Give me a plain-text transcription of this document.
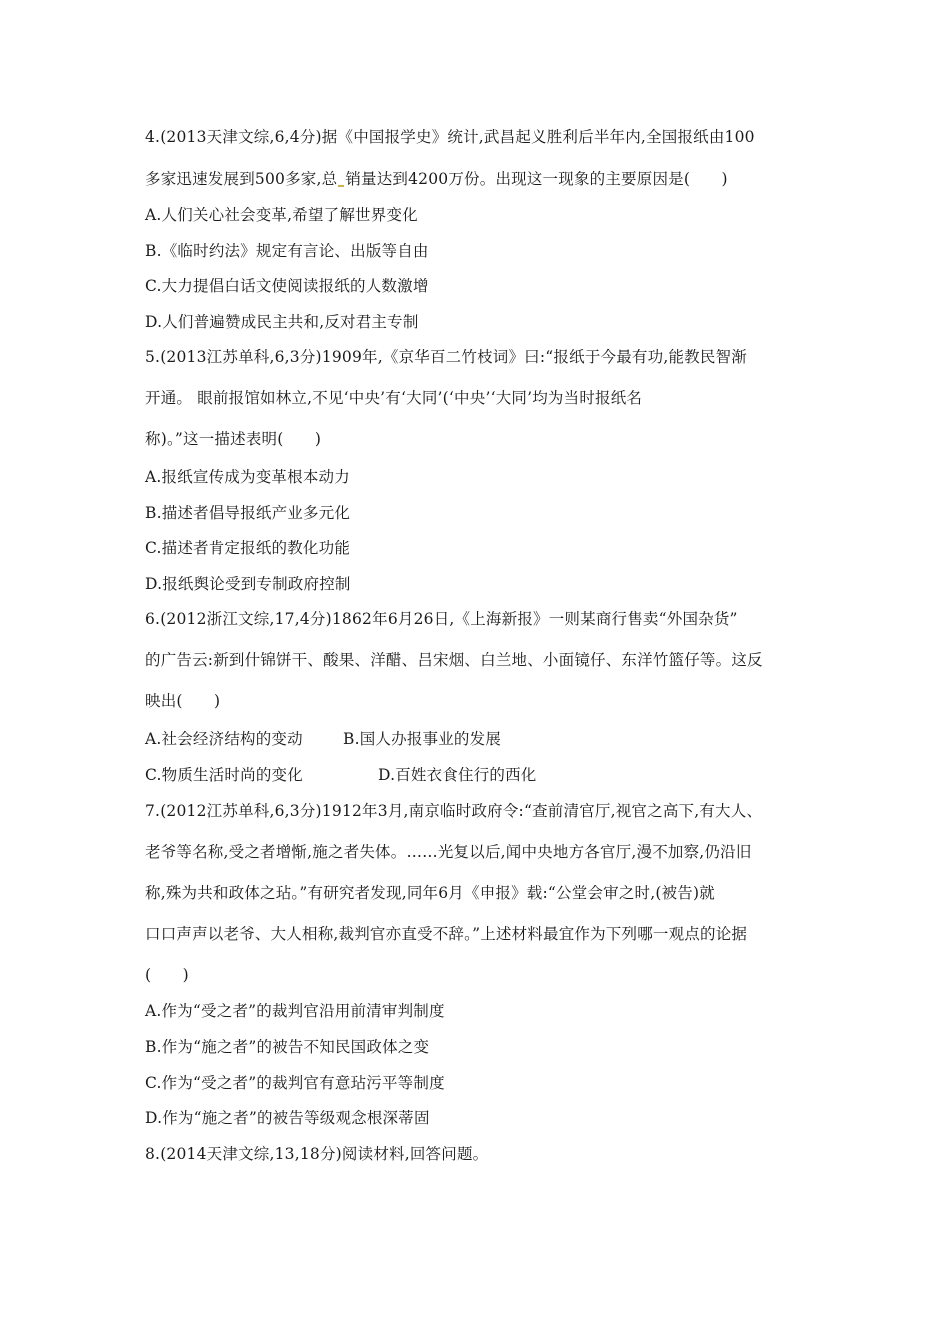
4.(2013天津文综,6,4分)据《中国报学史》统计,武昌起义胜利后半年内,全国报纸由100
多家迅速发展到500多家,总 销量达到4200万份。出现这一现象的主要原因是(　　)
A.人们关心社会变革,希望了解世界变化
B.《临时约法》规定有言论、出版等自由
C.大力提倡白话文使阅读报纸的人数激增
D.人们普遍赞成民主共和,反对君主专制
5.(2013江苏单科,6,3分)1909年,《京华百二竹枝词》曰:“报纸于今最有功,能教民智渐
开通。 眼前报馆如林立,不见‘中央’有‘大同’(‘中央’‘大同’均为当时报纸名
称)。”这一描述表明(　　)
A.报纸宣传成为变革根本动力
B.描述者倡导报纸产业多元化
C.描述者肯定报纸的教化功能
D.报纸舆论受到专制政府控制
6.(2012浙江文综,17,4分)1862年6月26日,《上海新报》一则某商行售卖“外国杂货”
的广告云:新到什锦饼干、酸果、洋醋、吕宋烟、白兰地、小面镜仔、东洋竹篮仔等。这反
映出(　　)
A.社会经济结构的变动	B.国人办报事业的发展
C.物质生活时尚的变化	D.百姓衣食住行的西化
7.(2012江苏单科,6,3分)1912年3月,南京临时政府令:“查前清官厅,视官之高下,有大人、
老爷等名称,受之者增惭,施之者失体。……光复以后,闻中央地方各官厅,漫不加察,仍沿旧
称,殊为共和政体之玷。”有研究者发现,同年6月《申报》载:“公堂会审之时,(被告)就
口口声声以老爷、大人相称,裁判官亦直受不辞。”上述材料最宜作为下列哪一观点的论据
(　　)
A.作为“受之者”的裁判官沿用前清审判制度
B.作为“施之者”的被告不知民国政体之变
C.作为“受之者”的裁判官有意玷污平等制度
D.作为“施之者”的被告等级观念根深蒂固
8.(2014天津文综,13,18分)阅读材料,回答问题。
